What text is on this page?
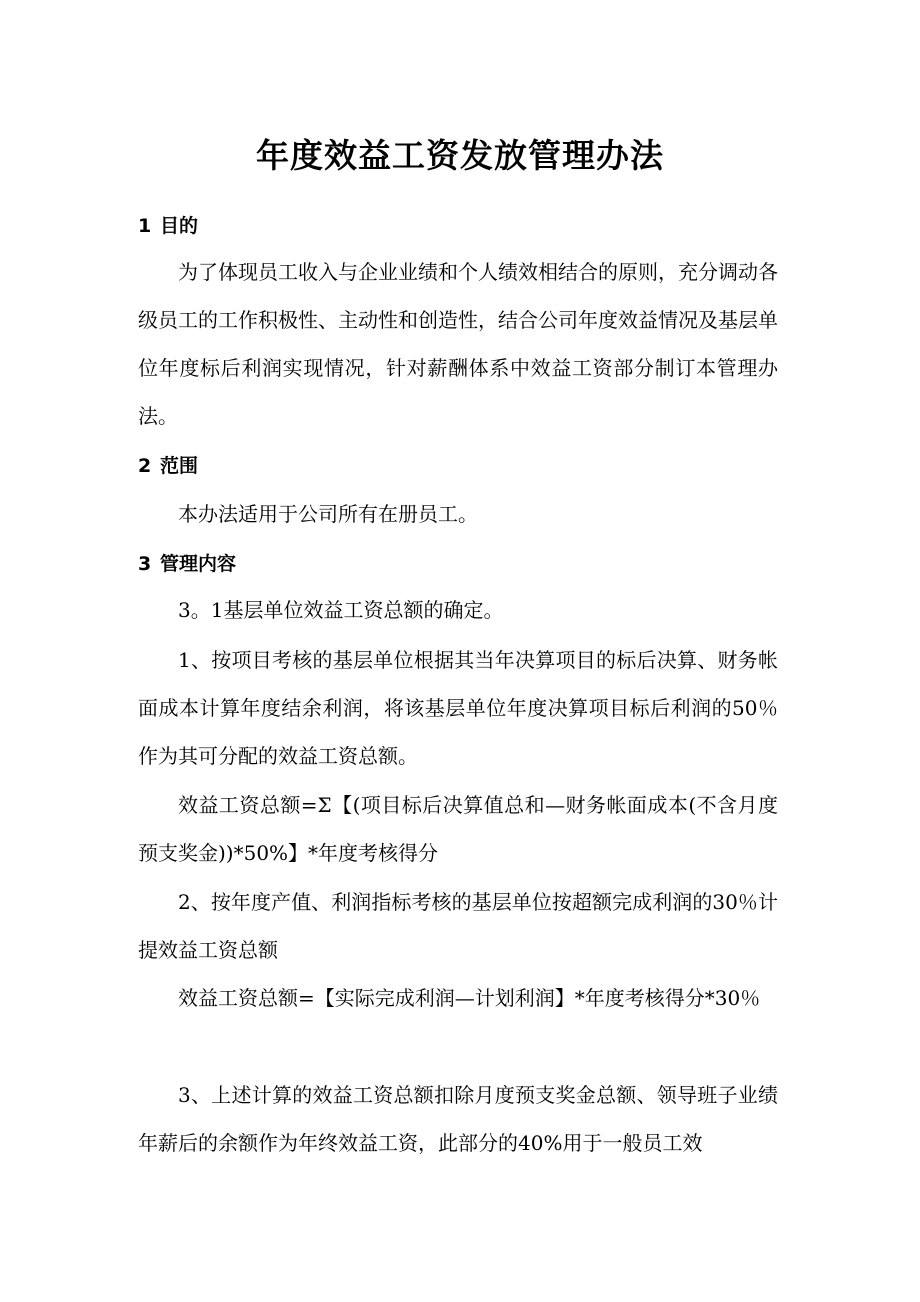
年度效益工资发放管理办法
1 目的

为了体现员工收入与企业业绩和个人绩效相结合的原则，充分调动各级员工的工作积极性、主动性和创造性，结合公司年度效益情况及基层单位年度标后利润实现情况，针对薪酬体系中效益工资部分制订本管理办法。

2 范围

本办法适用于公司所有在册员工。

3 管理内容

3。1基层单位效益工资总额的确定。

1、按项目考核的基层单位根据其当年决算项目的标后决算、财务帐面成本计算年度结余利润，将该基层单位年度决算项目标后利润的50％作为其可分配的效益工资总额。

效益工资总额=Σ【(项目标后决算值总和—财务帐面成本(不含月度预支奖金))*50%】*年度考核得分

2、按年度产值、利润指标考核的基层单位按超额完成利润的30％计提效益工资总额

效益工资总额=【实际完成利润—计划利润】*年度考核得分*30％

3、上述计算的效益工资总额扣除月度预支奖金总额、领导班子业绩年薪后的余额作为年终效益工资，此部分的40%用于一般员工效
